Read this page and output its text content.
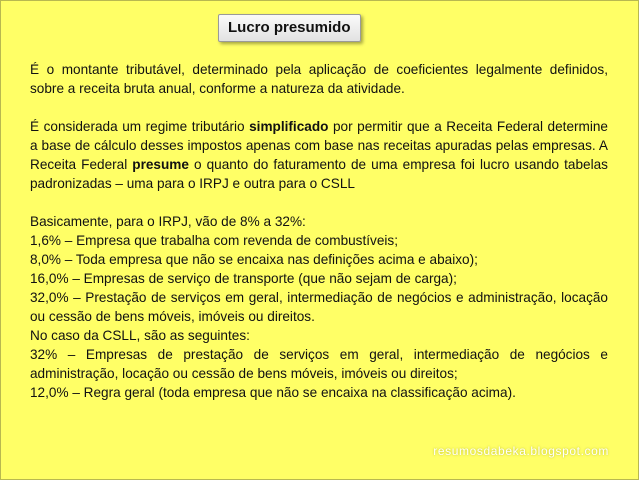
Lucro presumido

É o montante tributável, determinado pela aplicação de coeficientes legalmente definidos, sobre a receita bruta anual, conforme a natureza da atividade.

É considerada um regime tributário simplificado por permitir que a Receita Federal determine a base de cálculo desses impostos apenas com base nas receitas apuradas pelas empresas. A Receita Federal presume o quanto do faturamento de uma empresa foi lucro usando tabelas padronizadas – uma para o IRPJ e outra para o CSLL

Basicamente, para o IRPJ, vão de 8% a 32%:

1,6% – Empresa que trabalha com revenda de combustíveis;

8,0% – Toda empresa que não se encaixa nas definições acima e abaixo);

16,0% – Empresas de serviço de transporte (que não sejam de carga);

32,0% – Prestação de serviços em geral, intermediação de negócios e administração, locação ou cessão de bens móveis, imóveis ou direitos.

No caso da CSLL, são as seguintes:

32% – Empresas de prestação de serviços em geral, intermediação de negócios e administração, locação ou cessão de bens móveis, imóveis ou direitos;

12,0% – Regra geral (toda empresa que não se encaixa na classificação acima).

resumosdabeka.blogspot.com
